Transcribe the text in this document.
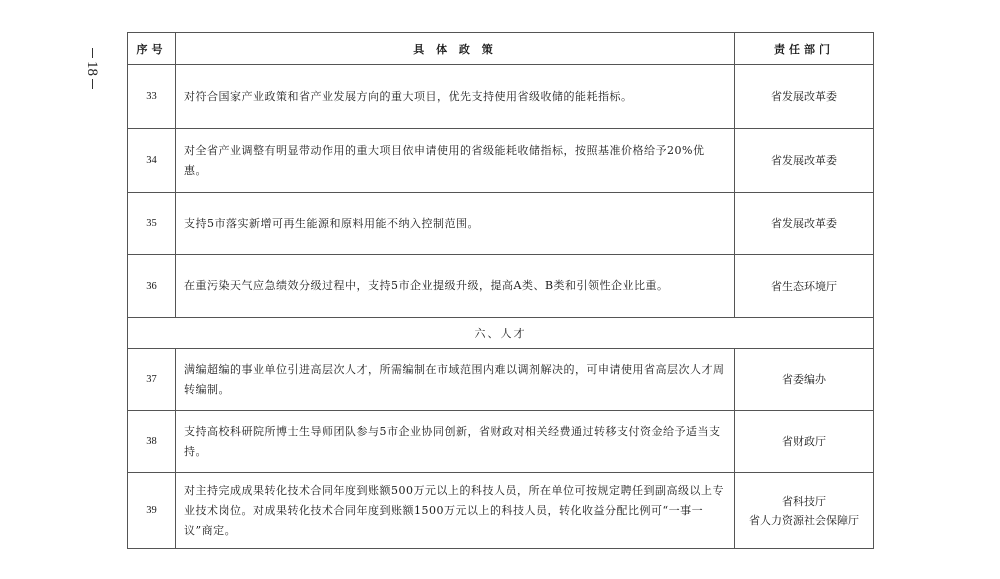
18
序号	具 体 政 策	责任部门
33	对符合国家产业政策和省产业发展方向的重大项目，优先支持使用省级收储的能耗指标。	省发展改革委

34	对全省产业调整有明显带动作用的重大项目依申请使用的省级能耗收储指标，按照基准价格给予20%优惠。	省发展改革委

35	支持5市落实新增可再生能源和原料用能不纳入控制范围。	省发展改革委

36	在重污染天气应急绩效分级过程中，支持5市企业提级升级，提高A类、B类和引领性企业比重。	省生态环境厅

六、人才		
37	满编超编的事业单位引进高层次人才，所需编制在市域范围内难以调剂解决的，可申请使用省高层次人才周转编制。	省委编办

38	支持高校科研院所博士生导师团队参与5市企业协同创新，省财政对相关经费通过转移支付资金给予适当支持。	省财政厅

39	对主持完成成果转化技术合同年度到账额500万元以上的科技人员，所在单位可按规定聘任到副高级以上专业技术岗位。对成果转化技术合同年度到账额1500万元以上的科技人员，转化收益分配比例可“一事一议”商定。	省科技厅
省人力资源社会保障厅
